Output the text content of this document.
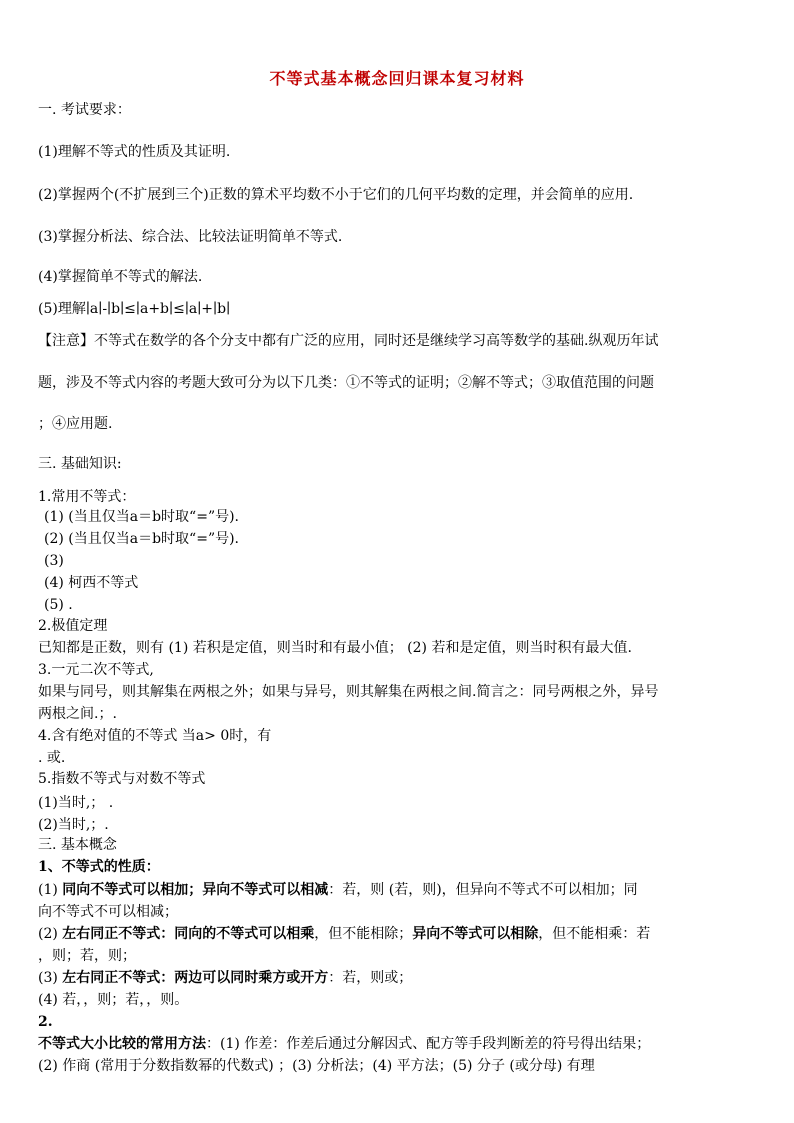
不等式基本概念回归课本复习材料
一. 考试要求：
(1)理解不等式的性质及其证明.
(2)掌握两个(不扩展到三个)正数的算术平均数不小于它们的几何平均数的定理，并会简单的应用.
(3)掌握分析法、综合法、比较法证明简单不等式.
(4)掌握简单不等式的解法.
(5)理解∣a∣-∣b∣≤∣a+b∣≤∣a∣+∣b∣
【注意】不等式在数学的各个分支中都有广泛的应用，同时还是继续学习高等数学的基础.纵观历年试
题，涉及不等式内容的考题大致可分为以下几类：①不等式的证明；②解不等式；③取值范围的问题
；④应用题.
三. 基础知识:
1.常用不等式：
(1) (当且仅当a＝b时取“=”号).
(2) (当且仅当a＝b时取“=”号).
(3)
(4) 柯西不等式
(5) .
2.极值定理
已知都是正数，则有 (1) 若积是定值，则当时和有最小值； (2) 若和是定值，则当时积有最大值.
3.一元二次不等式,
如果与同号，则其解集在两根之外；如果与异号，则其解集在两根之间.简言之：同号两根之外，异号
两根之间.；.
4.含有绝对值的不等式 当a> 0时，有
. 或.
5.指数不等式与对数不等式
(1)当时,； .
(2)当时,；.
三. 基本概念
1、不等式的性质：
(1) 同向不等式可以相加；异向不等式可以相减：若，则 (若，则)，但异向不等式不可以相加；同
向不等式不可以相减；
(2) 左右同正不等式：同向的不等式可以相乘，但不能相除；异向不等式可以相除，但不能相乘：若
，则；若，则；
(3) 左右同正不等式：两边可以同时乘方或开方：若，则或；
(4) 若，，则；若，，则。
2.
不等式大小比较的常用方法：(1) 作差：作差后通过分解因式、配方等手段判断差的符号得出结果；
(2) 作商 (常用于分数指数幂的代数式) ；(3) 分析法；(4) 平方法；(5) 分子 (或分母) 有理
